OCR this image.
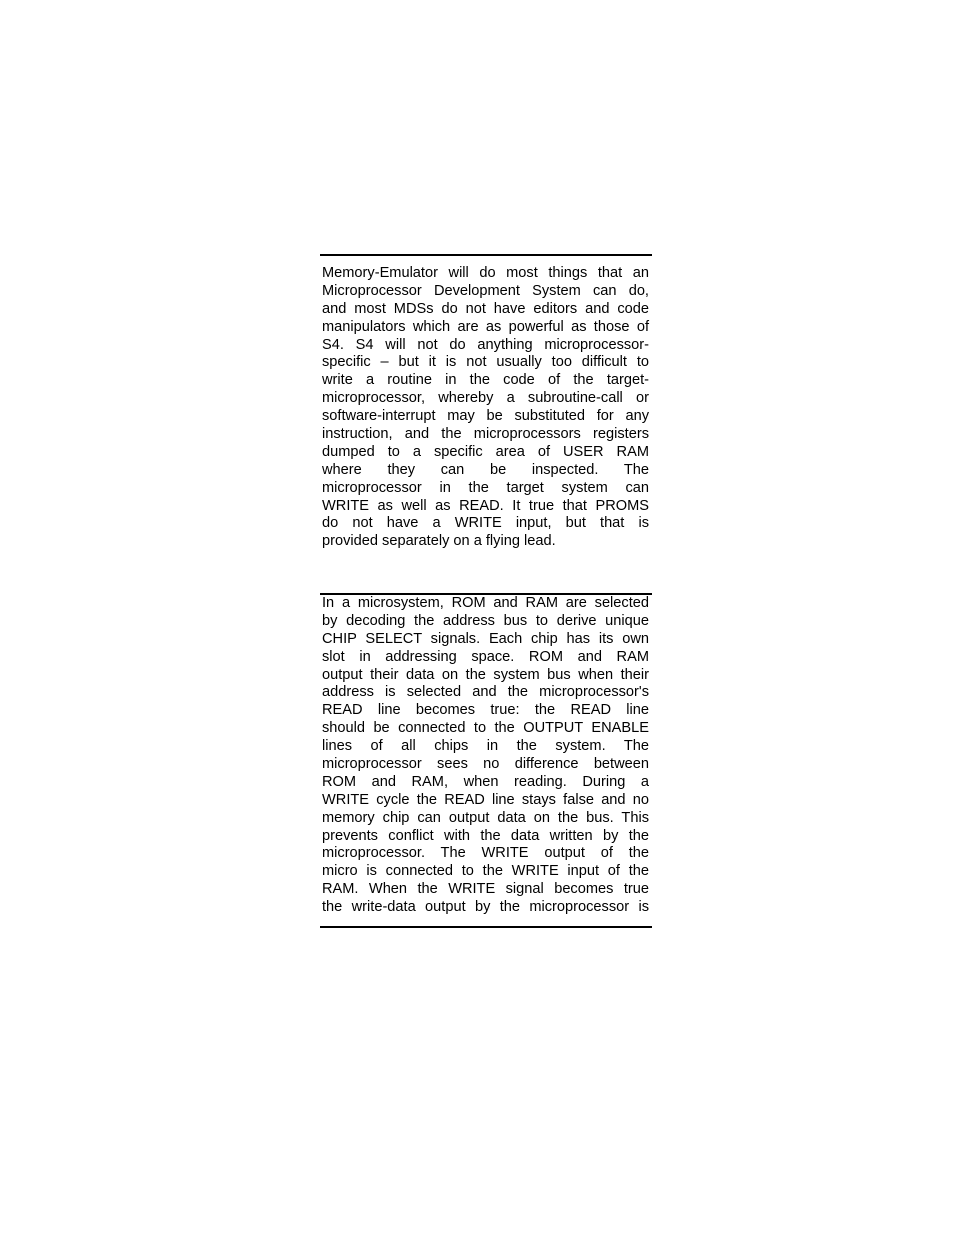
Memory-Emulator will do most things that an
Microprocessor Development System can do,
and most MDSs do not have editors and code
manipulators which are as powerful as those of
S4. S4 will not do anything microprocessor-
specific – but it is not usually too difficult to
write a routine in the code of the target-
microprocessor, whereby a subroutine-call or
software-interrupt may be substituted for any
instruction, and the microprocessors registers
dumped to a specific area of USER RAM
where they can be inspected. The
microprocessor in the target system can
WRITE as well as READ. It true that PROMS
do not have a WRITE input, but that is
provided separately on a flying lead.
In a microsystem, ROM and RAM are selected
by decoding the address bus to derive unique
CHIP SELECT signals. Each chip has its own
slot in addressing space. ROM and RAM
output their data on the system bus when their
address is selected and the microprocessor's
READ line becomes true: the READ line
should be connected to the OUTPUT ENABLE
lines of all chips in the system. The
microprocessor sees no difference between
ROM and RAM, when reading. During a
WRITE cycle the READ line stays false and no
memory chip can output data on the bus. This
prevents conflict with the data written by the
microprocessor. The WRITE output of the
micro is connected to the WRITE input of the
RAM. When the WRITE signal becomes true
the write-data output by the microprocessor is
